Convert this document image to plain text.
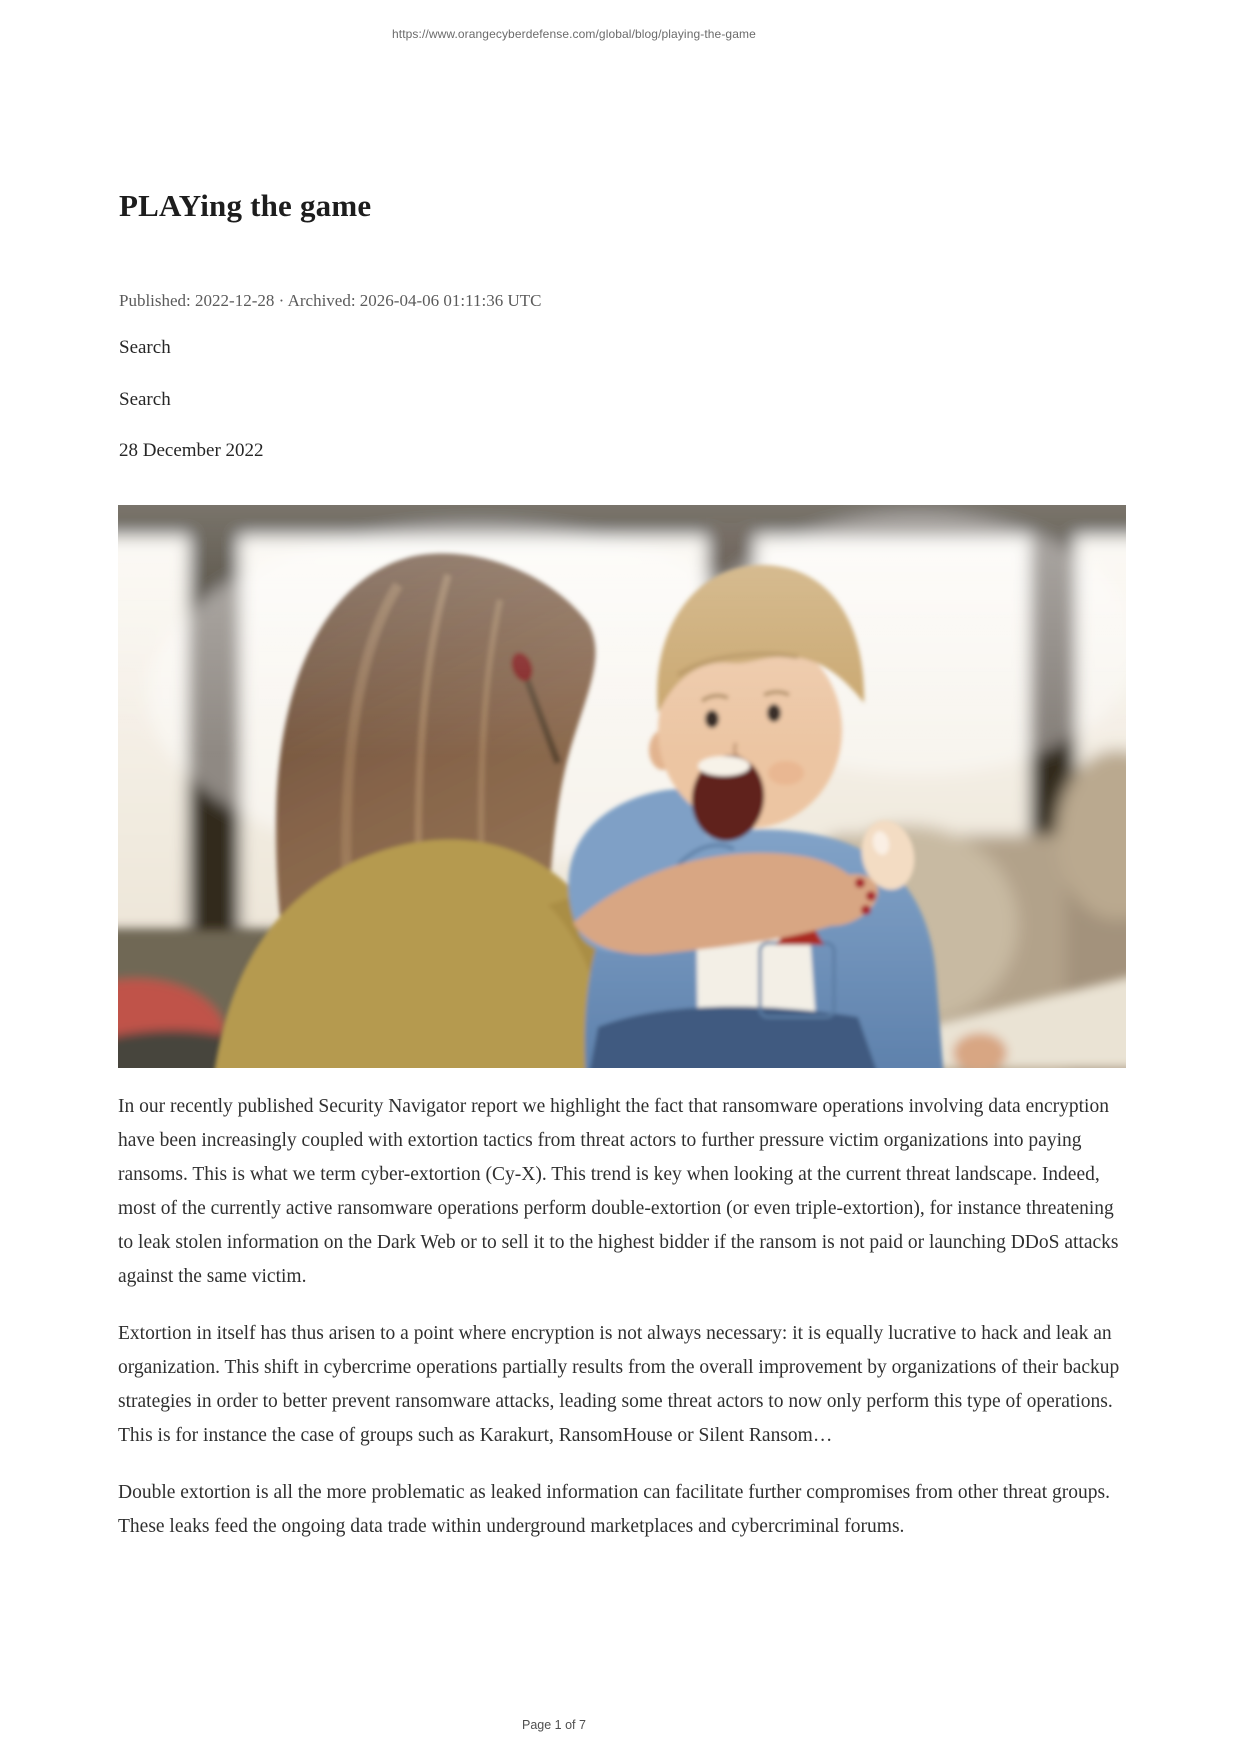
https://www.orangecyberdefense.com/global/blog/playing-the-game
PLAYing the game
Published: 2022-12-28 · Archived: 2026-04-06 01:11:36 UTC
Search
Search
28 December 2022

In our recently published Security Navigator report we highlight the fact that ransomware operations involving data encryption have been increasingly coupled with extortion tactics from threat actors to further pressure victim organizations into paying ransoms. This is what we term cyber-extortion (Cy-X). This trend is key when looking at the current threat landscape. Indeed, most of the currently active ransomware operations perform double-extortion (or even triple-extortion), for instance threatening to leak stolen information on the Dark Web or to sell it to the highest bidder if the ransom is not paid or launching DDoS attacks against the same victim.

Extortion in itself has thus arisen to a point where encryption is not always necessary: it is equally lucrative to hack and leak an organization. This shift in cybercrime operations partially results from the overall improvement by organizations of their backup strategies in order to better prevent ransomware attacks, leading some threat actors to now only perform this type of operations. This is for instance the case of groups such as Karakurt, RansomHouse or Silent Ransom…

Double extortion is all the more problematic as leaked information can facilitate further compromises from other threat groups. These leaks feed the ongoing data trade within underground marketplaces and cybercriminal forums.

Page 1 of 7
